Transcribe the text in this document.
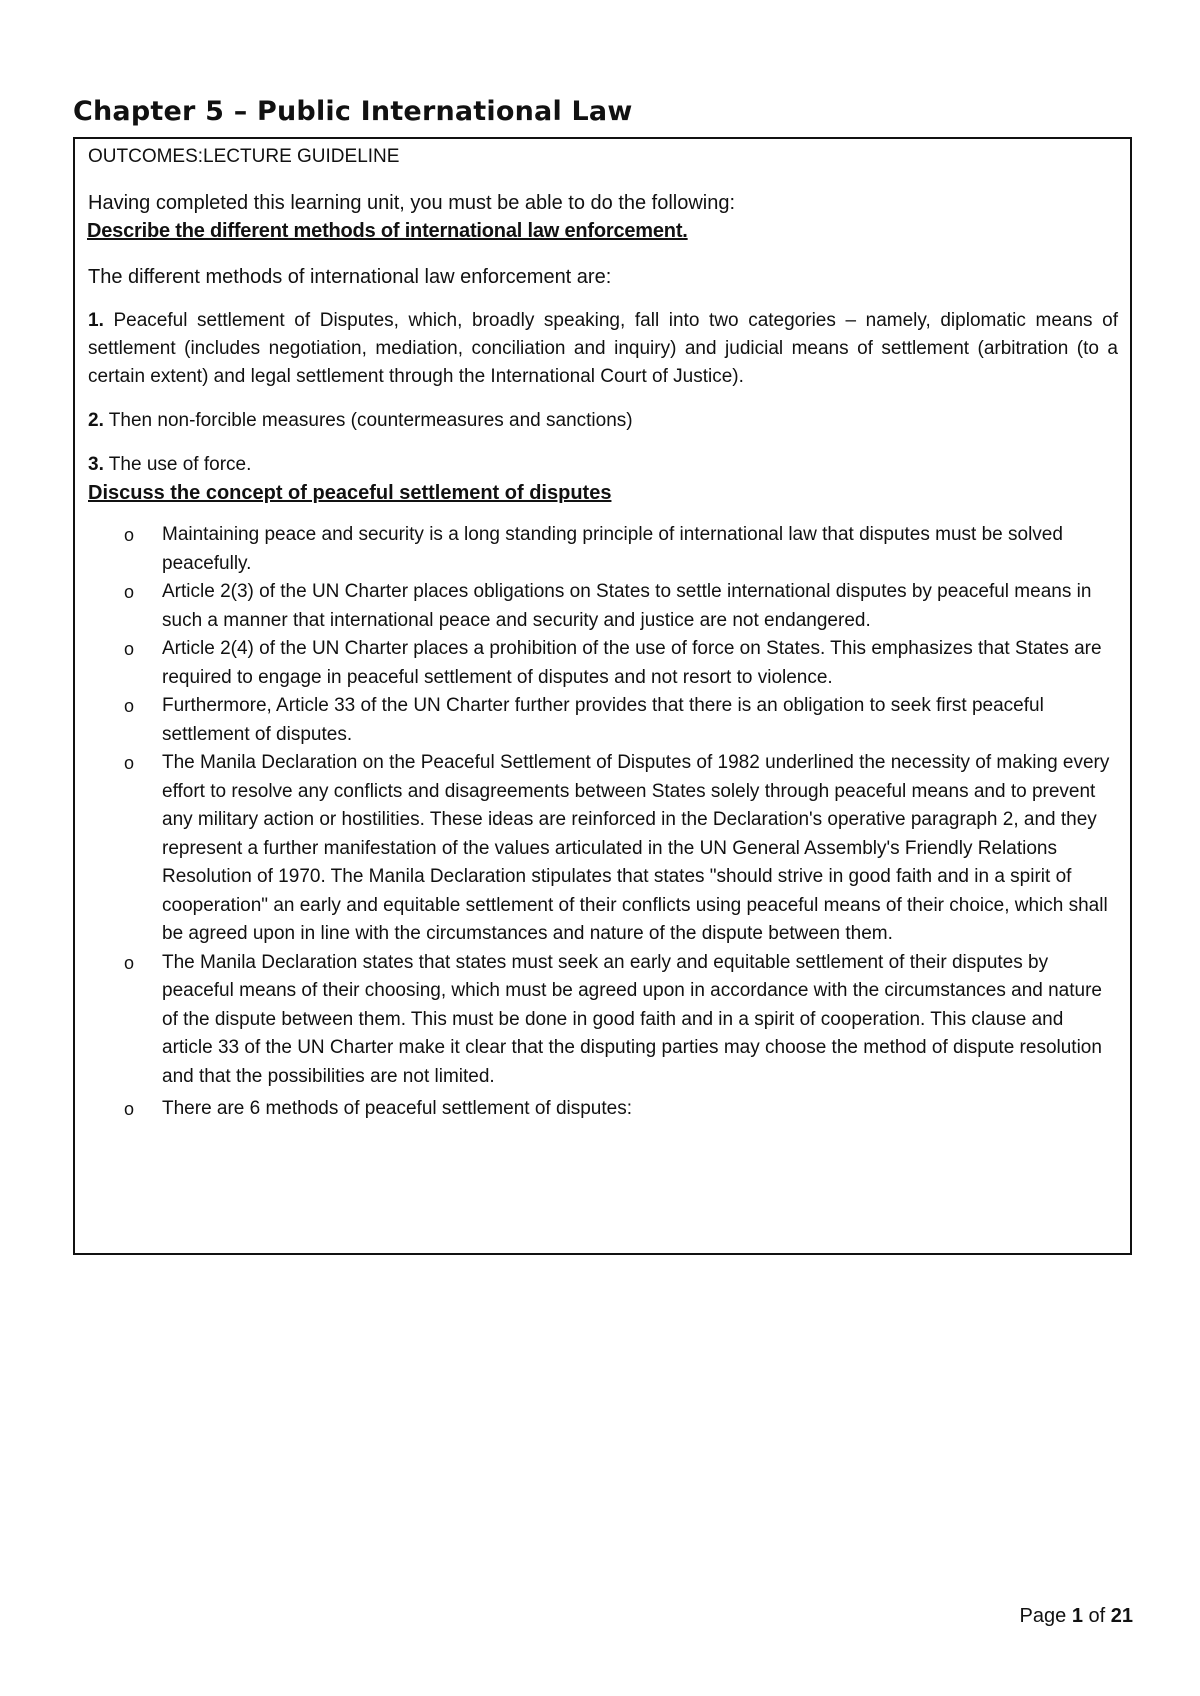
Chapter 5 – Public International Law

OUTCOMES:LECTURE GUIDELINE

Having completed this learning unit, you must be able to do the following:

Describe the different methods of international law enforcement.

The different methods of international law enforcement are:

1. Peaceful settlement of Disputes, which, broadly speaking, fall into two categories – namely, diplomatic means of settlement (includes negotiation, mediation, conciliation and inquiry) and judicial means of settlement (arbitration (to a certain extent) and legal settlement through the International Court of Justice).

2. Then non-forcible measures (countermeasures and sanctions)

3. The use of force.

Discuss the concept of peaceful settlement of disputes

o Maintaining peace and security is a long standing principle of international law that disputes must be solved peacefully.
o Article 2(3) of the UN Charter places obligations on States to settle international disputes by peaceful means in such a manner that international peace and security and justice are not endangered.
o Article 2(4) of the UN Charter places a prohibition of the use of force on States. This emphasizes that States are required to engage in peaceful settlement of disputes and not resort to violence.
o Furthermore, Article 33 of the UN Charter further provides that there is an obligation to seek first peaceful settlement of disputes.
o The Manila Declaration on the Peaceful Settlement of Disputes of 1982 underlined the necessity of making every effort to resolve any conflicts and disagreements between States solely through peaceful means and to prevent any military action or hostilities. These ideas are reinforced in the Declaration's operative paragraph 2, and they represent a further manifestation of the values articulated in the UN General Assembly's Friendly Relations Resolution of 1970. The Manila Declaration stipulates that states "should strive in good faith and in a spirit of cooperation" an early and equitable settlement of their conflicts using peaceful means of their choice, which shall be agreed upon in line with the circumstances and nature of the dispute between them.
o The Manila Declaration states that states must seek an early and equitable settlement of their disputes by peaceful means of their choosing, which must be agreed upon in accordance with the circumstances and nature of the dispute between them. This must be done in good faith and in a spirit of cooperation. This clause and article 33 of the UN Charter make it clear that the disputing parties may choose the method of dispute resolution and that the possibilities are not limited.
o There are 6 methods of peaceful settlement of disputes:

Page 1 of 21
